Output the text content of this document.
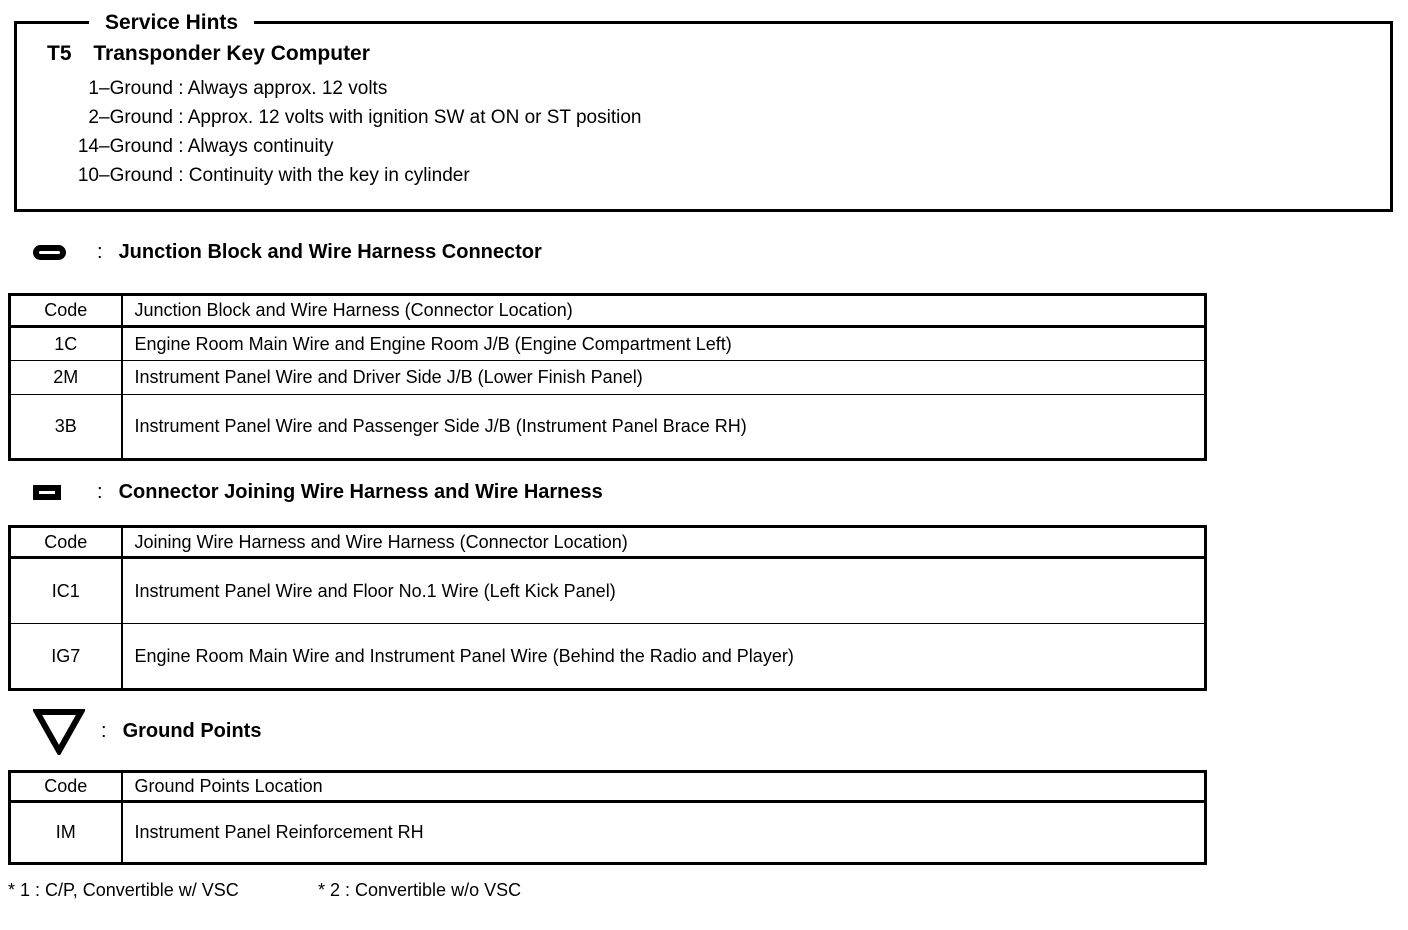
Service Hints
T5 Transponder Key Computer
1 –Ground : Always approx. 12 volts
2 –Ground : Approx. 12 volts with ignition SW at ON or ST position
14 –Ground : Always continuity
10 –Ground : Continuity with the key in cylinder
: Junction Block and Wire Harness Connector
Code	Junction Block and Wire Harness (Connector Location)
1C	Engine Room Main Wire and Engine Room J/B (Engine Compartment Left)
2M	Instrument Panel Wire and Driver Side J/B (Lower Finish Panel)
3B	Instrument Panel Wire and Passenger Side J/B (Instrument Panel Brace RH)
: Connector Joining Wire Harness and Wire Harness
Code	Joining Wire Harness and Wire Harness (Connector Location)
IC1	Instrument Panel Wire and Floor No.1 Wire (Left Kick Panel)
IG7	Engine Room Main Wire and Instrument Panel Wire (Behind the Radio and Player)
: Ground Points
Code	Ground Points Location
IM	Instrument Panel Reinforcement RH
* 1 : C/P, Convertible w/ VSC	* 2 : Convertible w/o VSC
